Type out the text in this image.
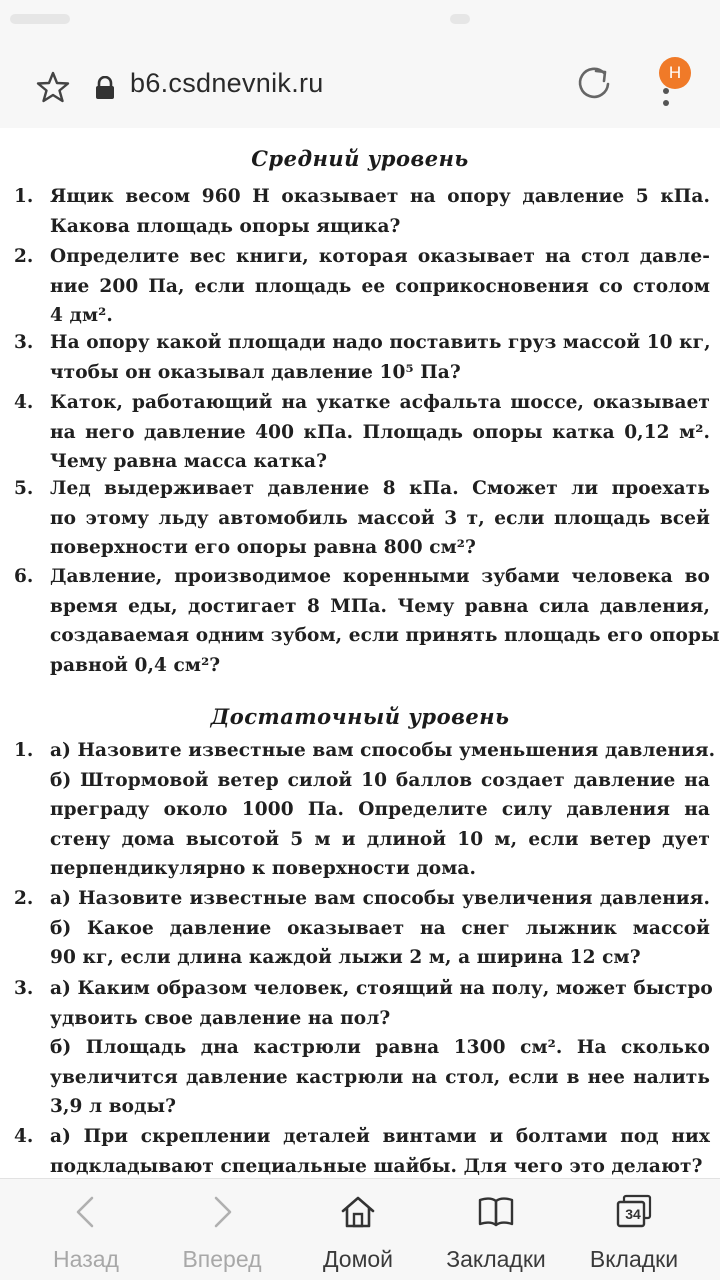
b6.csdnevnik.ru	H
Средний уровень
1. Ящик весом 960 Н оказывает на опору давление 5 кПа.
Какова площадь опоры ящика?
2. Определите вес книги, которая оказывает на стол давле-
ние 200 Па, если площадь ее соприкосновения со столом
4 дм².
3. На опору какой площади надо поставить груз массой 10 кг,
чтобы он оказывал давление 10⁵ Па?
4. Каток, работающий на укатке асфальта шоссе, оказывает
на него давление 400 кПа. Площадь опоры катка 0,12 м².
Чему равна масса катка?
5. Лед выдерживает давление 8 кПа. Сможет ли проехать
по этому льду автомобиль массой 3 т, если площадь всей
поверхности его опоры равна 800 см²?
6. Давление, производимое коренными зубами человека во
время еды, достигает 8 МПа. Чему равна сила давления,
создаваемая одним зубом, если принять площадь его опоры
равной 0,4 см²?
Достаточный уровень
1. а) Назовите известные вам способы уменьшения давления.
б) Штормовой ветер силой 10 баллов создает давление на
преграду около 1000 Па. Определите силу давления на
стену дома высотой 5 м и длиной 10 м, если ветер дует
перпендикулярно к поверхности дома.
2. а) Назовите известные вам способы увеличения давления.
б) Какое давление оказывает на снег лыжник массой
90 кг, если длина каждой лыжи 2 м, а ширина 12 см?
3. а) Каким образом человек, стоящий на полу, может быстро
удвоить свое давление на пол?
б) Площадь дна кастрюли равна 1300 см². На сколько
увеличится давление кастрюли на стол, если в нее налить
3,9 л воды?
4. а) При скреплении деталей винтами и болтами под них
подкладывают специальные шайбы. Для чего это делают?
Назад	Вперед	Домой	Закладки
34
Вкладки
